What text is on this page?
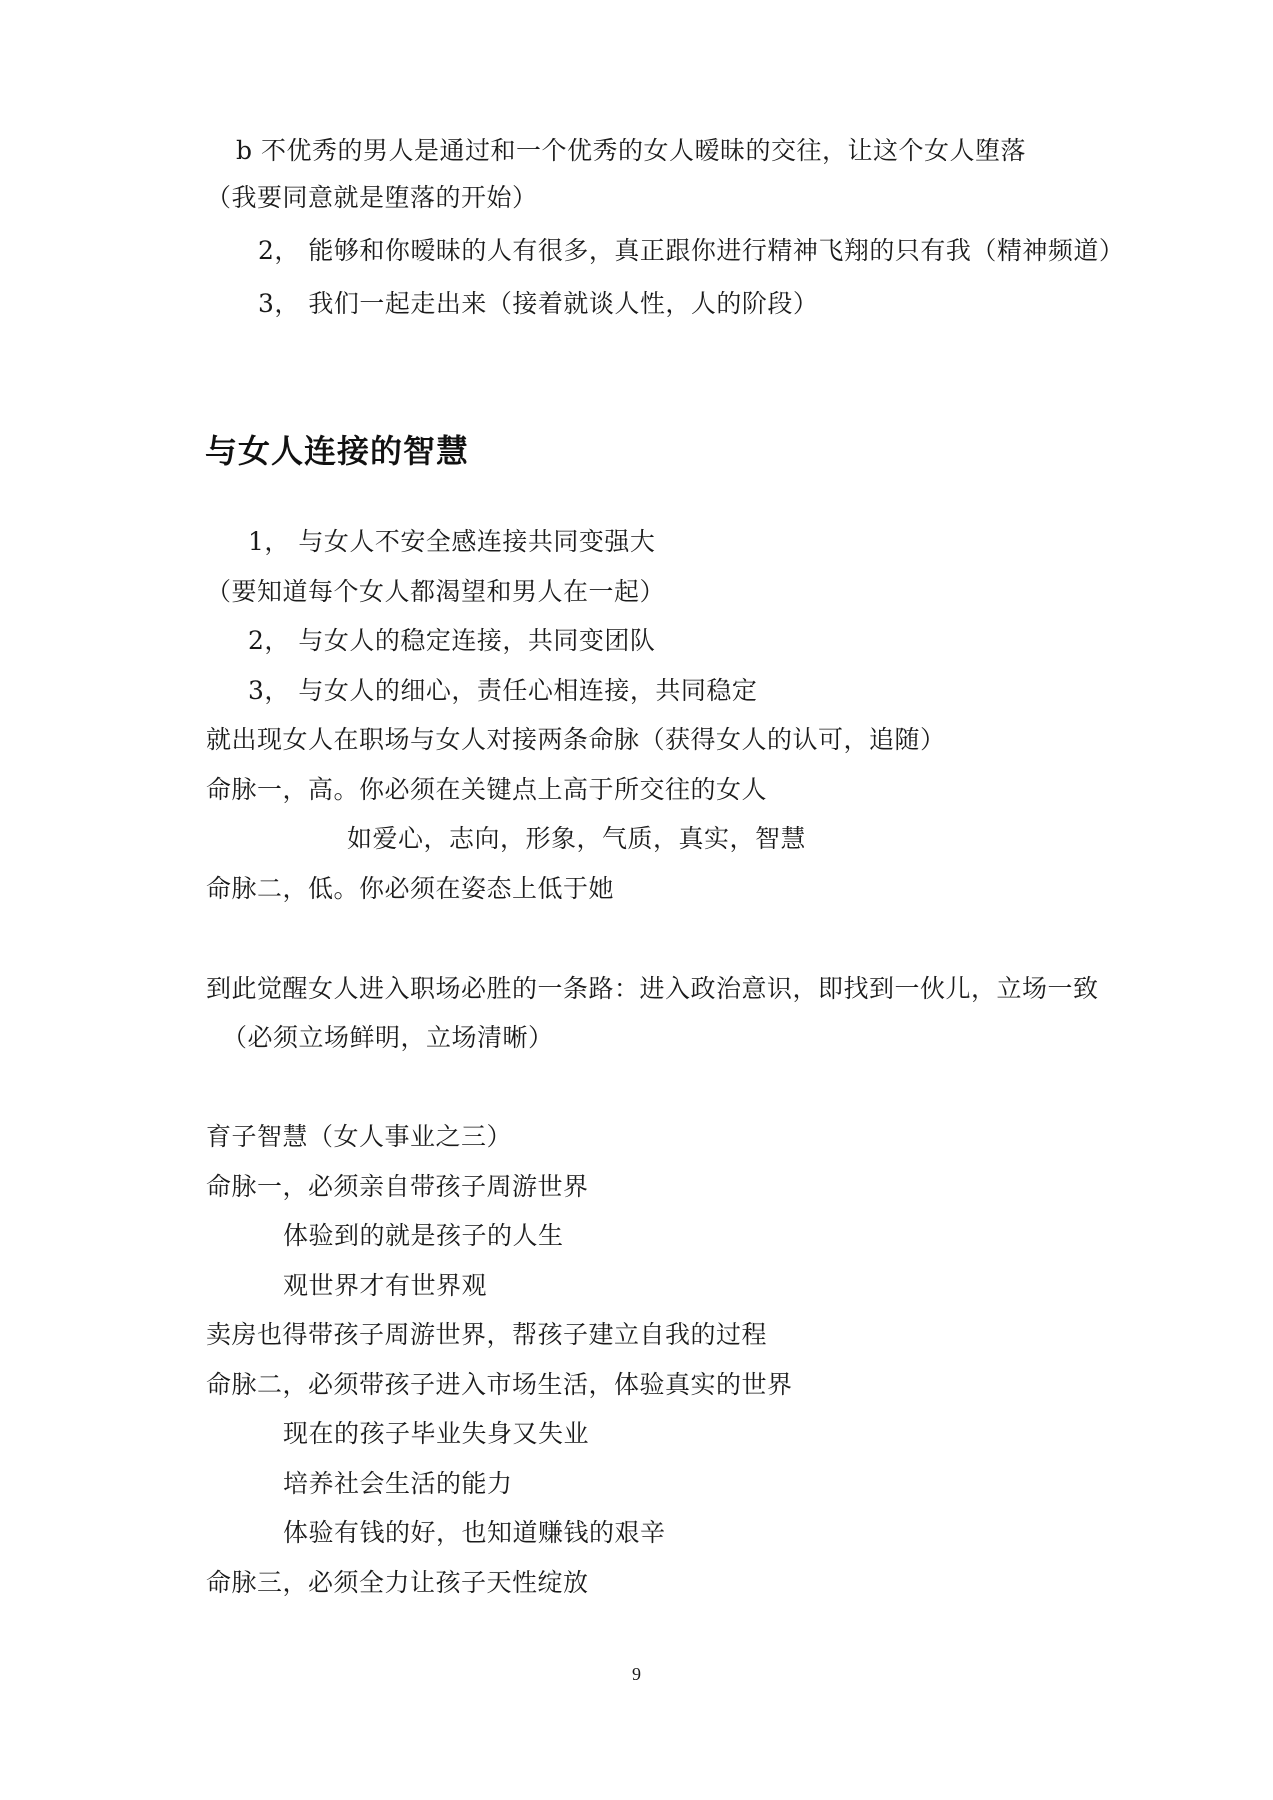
b 不优秀的男人是通过和一个优秀的女人暧昧的交往，让这个女人堕落
（我要同意就是堕落的开始）
2， 能够和你暧昧的人有很多，真正跟你进行精神飞翔的只有我（精神频道）
3， 我们一起走出来（接着就谈人性，人的阶段）
与女人连接的智慧
1， 与女人不安全感连接共同变强大
（要知道每个女人都渴望和男人在一起）
2， 与女人的稳定连接，共同变团队
3， 与女人的细心，责任心相连接，共同稳定
就出现女人在职场与女人对接两条命脉（获得女人的认可，追随）
命脉一，高。你必须在关键点上高于所交往的女人
如爱心，志向，形象，气质，真实，智慧
命脉二，低。你必须在姿态上低于她
到此觉醒女人进入职场必胜的一条路：进入政治意识，即找到一伙儿，立场一致
（必须立场鲜明，立场清晰）
育子智慧（女人事业之三）
命脉一，必须亲自带孩子周游世界
体验到的就是孩子的人生
观世界才有世界观
卖房也得带孩子周游世界，帮孩子建立自我的过程
命脉二，必须带孩子进入市场生活，体验真实的世界
现在的孩子毕业失身又失业
培养社会生活的能力
体验有钱的好，也知道赚钱的艰辛
命脉三，必须全力让孩子天性绽放
9
